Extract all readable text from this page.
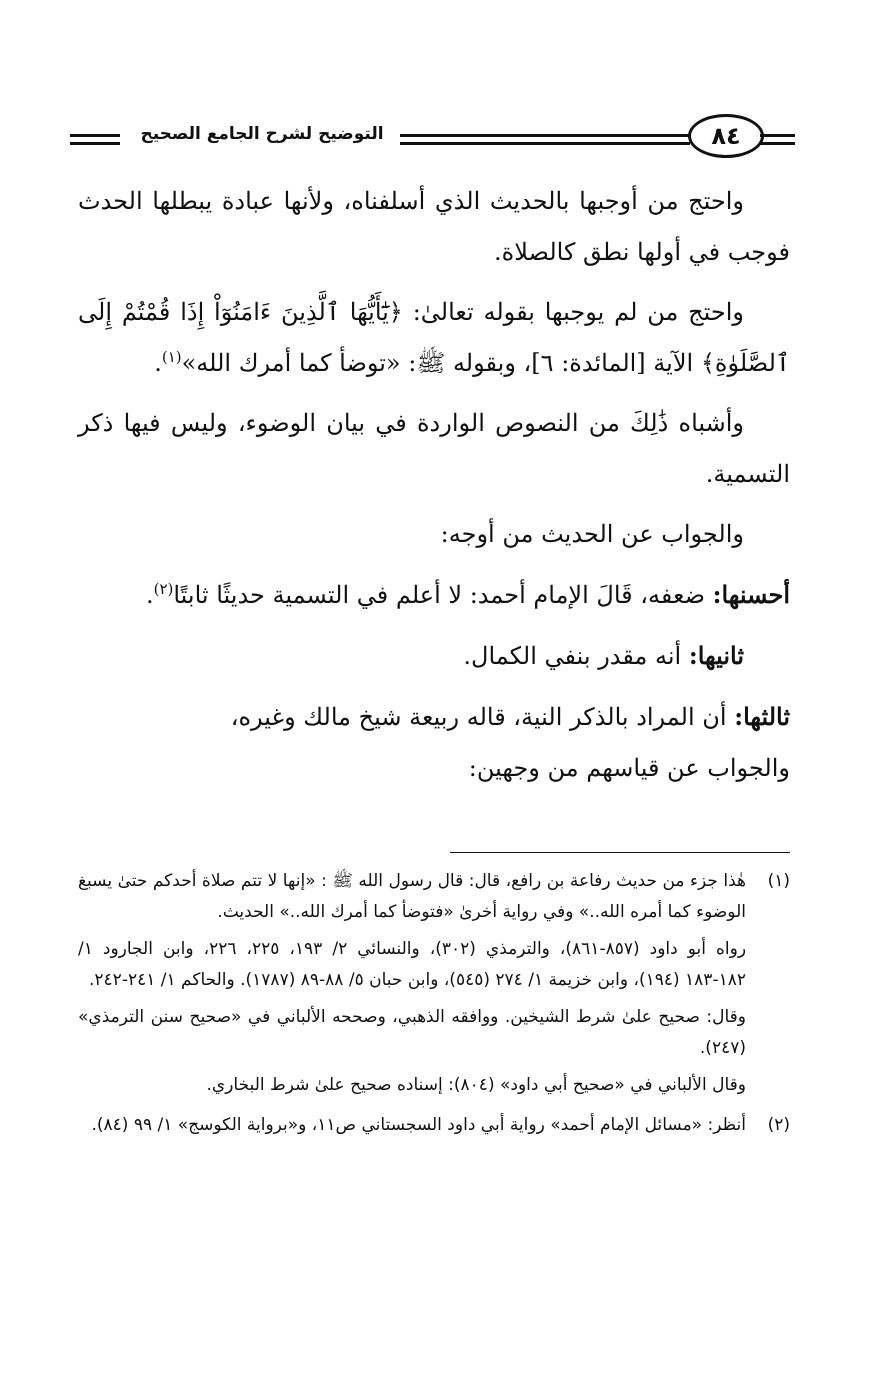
التوضيح لشرح الجامع الصحيح	٨٤

واحتج من أوجبها بالحديث الذي أسلفناه، ولأنها عبادة يبطلها الحدث فوجب في أولها نطق كالصلاة.

واحتج من لم يوجبها بقوله تعالىٰ: ﴿يَٰٓأَيُّهَا ٱلَّذِينَ ءَامَنُوٓاْ إِذَا قُمْتُمْ إِلَى ٱلصَّلَوٰةِ﴾ الآية [المائدة: ٦]، وبقوله ﷺ: «توضأ كما أمرك الله»$^{(١)}$.

وأشباه ذَٰلِكَ من النصوص الواردة في بيان الوضوء، وليس فيها ذكر التسمية.

والجواب عن الحديث من أوجه:

أحسنها: ضعفه، قَالَ الإمام أحمد: لا أعلم في التسمية حديثًا ثابتًا$^{(٢)}$.

ثانيها: أنه مقدر بنفي الكمال.

ثالثها: أن المراد بالذكر النية، قاله ربيعة شيخ مالك وغيره،

والجواب عن قياسهم من وجهين:

(١)

هٰذا جزء من حديث رفاعة بن رافع، قال: قال رسول الله ﷺ : «إنها لا تتم صلاة أحدكم حتىٰ يسبغ الوضوء كما أمره الله..» وفي رواية أخرىٰ «فتوضأ كما أمرك الله..» الحديث.

رواه أبو داود (٨٥٧-٨٦١)، والترمذي (٣٠٢)، والنسائي ٢/ ١٩٣، ٢٢٥، ٢٢٦، وابن الجارود ١/ ١٨٢-١٨٣ (١٩٤)، وابن خزيمة ١/ ٢٧٤ (٥٤٥)، وابن حبان ٥/ ٨٨-٨٩ (١٧٨٧). والحاكم ١/ ٢٤١-٢٤٢.

وقال: صحيح علىٰ شرط الشيخين. ووافقه الذهبي، وصححه الألباني في «صحيح سنن الترمذي» (٢٤٧).

وقال الألباني في «صحيح أبي داود» (٨٠٤): إسناده صحيح علىٰ شرط البخاري.

(٢)

أنظر: «مسائل الإمام أحمد» رواية أبي داود السجستاني ص١١، و«برواية الكوسج» ١/ ٩٩ (٨٤).
